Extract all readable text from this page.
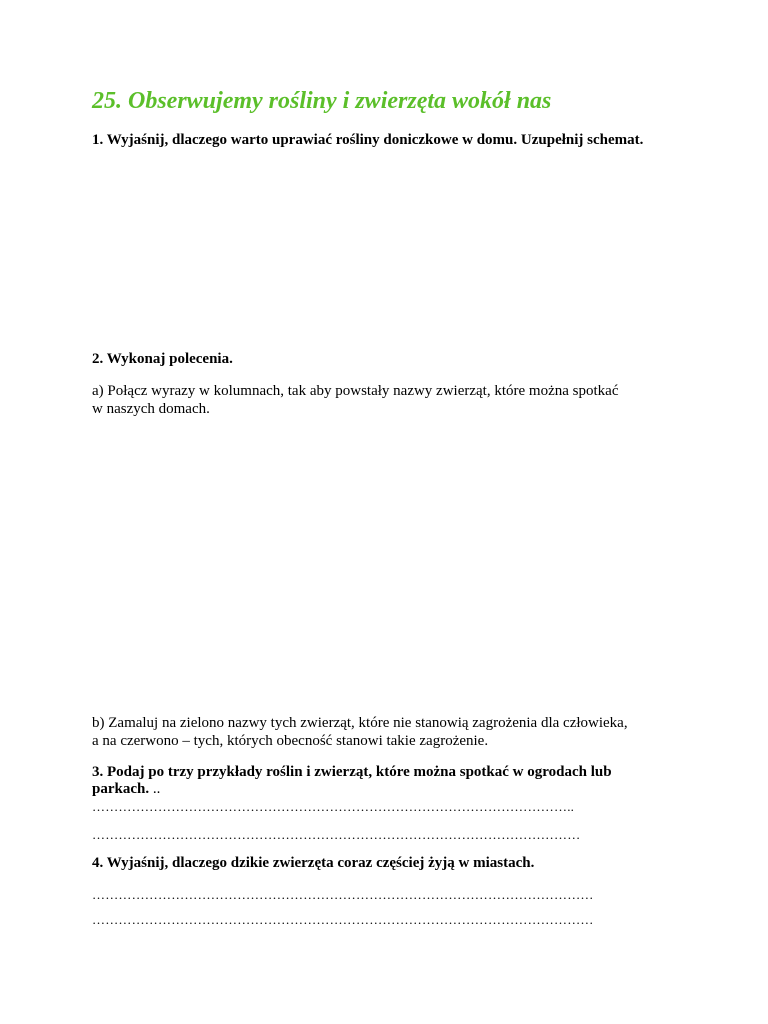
25. Obserwujemy rośliny i zwierzęta wokół nas
1. Wyjaśnij, dlaczego warto uprawiać rośliny doniczkowe w domu. Uzupełnij schemat.
2. Wykonaj polecenia.
a) Połącz wyrazy w kolumnach, tak aby powstały nazwy zwierząt, które można spotkać
w naszych domach.
b) Zamaluj na zielono nazwy tych zwierząt, które nie stanowią zagrożenia dla człowieka,
a na czerwono – tych, których obecność stanowi takie zagrożenie.
3. Podaj po trzy przykłady roślin i zwierząt, które można spotkać w ogrodach lub
parkach. ..
………………………………………………………………………………………………..
…………………………………………………………………………………………………
4. Wyjaśnij, dlaczego dzikie zwierzęta coraz częściej żyją w miastach.
……………………………………………………………………………………………………
……………………………………………………………………………………………………
